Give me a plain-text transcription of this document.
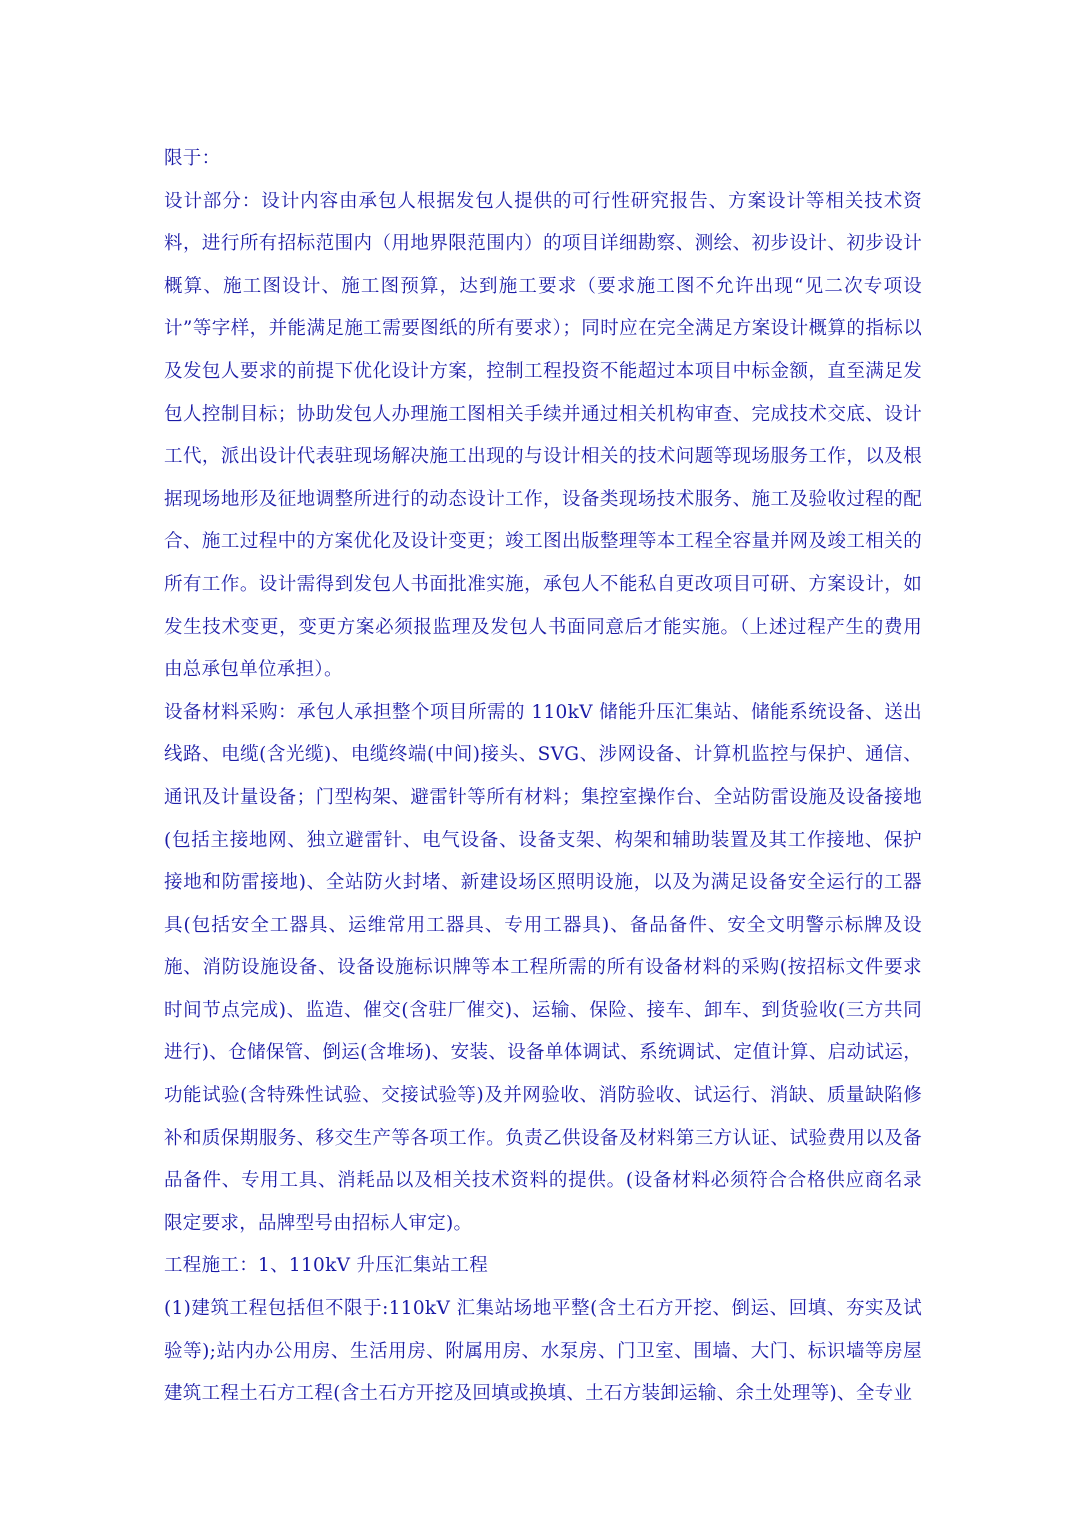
限于：

设计部分：设计内容由承包人根据发包人提供的可行性研究报告、方案设计等相关技术资料，进行所有招标范围内（用地界限范围内）的项目详细勘察、测绘、初步设计、初步设计概算、施工图设计、施工图预算，达到施工要求（要求施工图不允许出现“见二次专项设计”等字样，并能满足施工需要图纸的所有要求）；同时应在完全满足方案设计概算的指标以及发包人要求的前提下优化设计方案，控制工程投资不能超过本项目中标金额，直至满足发包人控制目标；协助发包人办理施工图相关手续并通过相关机构审查、完成技术交底、设计工代，派出设计代表驻现场解决施工出现的与设计相关的技术问题等现场服务工作，以及根据现场地形及征地调整所进行的动态设计工作，设备类现场技术服务、施工及验收过程的配合、施工过程中的方案优化及设计变更；竣工图出版整理等本工程全容量并网及竣工相关的所有工作。设计需得到发包人书面批准实施，承包人不能私自更改项目可研、方案设计，如发生技术变更，变更方案必须报监理及发包人书面同意后才能实施。（上述过程产生的费用由总承包单位承担）。

设备材料采购：承包人承担整个项目所需的 110kV 储能升压汇集站、储能系统设备、送出线路、电缆(含光缆)、电缆终端(中间)接头、SVG、涉网设备、计算机监控与保护、通信、通讯及计量设备；门型构架、避雷针等所有材料；集控室操作台、全站防雷设施及设备接地(包括主接地网、独立避雷针、电气设备、设备支架、构架和辅助装置及其工作接地、保护接地和防雷接地)、全站防火封堵、新建设场区照明设施，以及为满足设备安全运行的工器具(包括安全工器具、运维常用工器具、专用工器具)、备品备件、安全文明警示标牌及设施、消防设施设备、设备设施标识牌等本工程所需的所有设备材料的采购(按招标文件要求时间节点完成)、监造、催交(含驻厂催交)、运输、保险、接车、卸车、到货验收(三方共同进行)、仓储保管、倒运(含堆场)、安装、设备单体调试、系统调试、定值计算、启动试运，功能试验(含特殊性试验、交接试验等)及并网验收、消防验收、试运行、消缺、质量缺陷修补和质保期服务、移交生产等各项工作。负责乙供设备及材料第三方认证、试验费用以及备品备件、专用工具、消耗品以及相关技术资料的提供。(设备材料必须符合合格供应商名录限定要求，品牌型号由招标人审定)。

工程施工：1、110kV 升压汇集站工程

(1)建筑工程包括但不限于:110kV 汇集站场地平整(含土石方开挖、倒运、回填、夯实及试验等);站内办公用房、生活用房、附属用房、水泵房、门卫室、围墙、大门、标识墙等房屋建筑工程土石方工程(含土石方开挖及回填或换填、土石方装卸运输、余土处理等)、全专业
